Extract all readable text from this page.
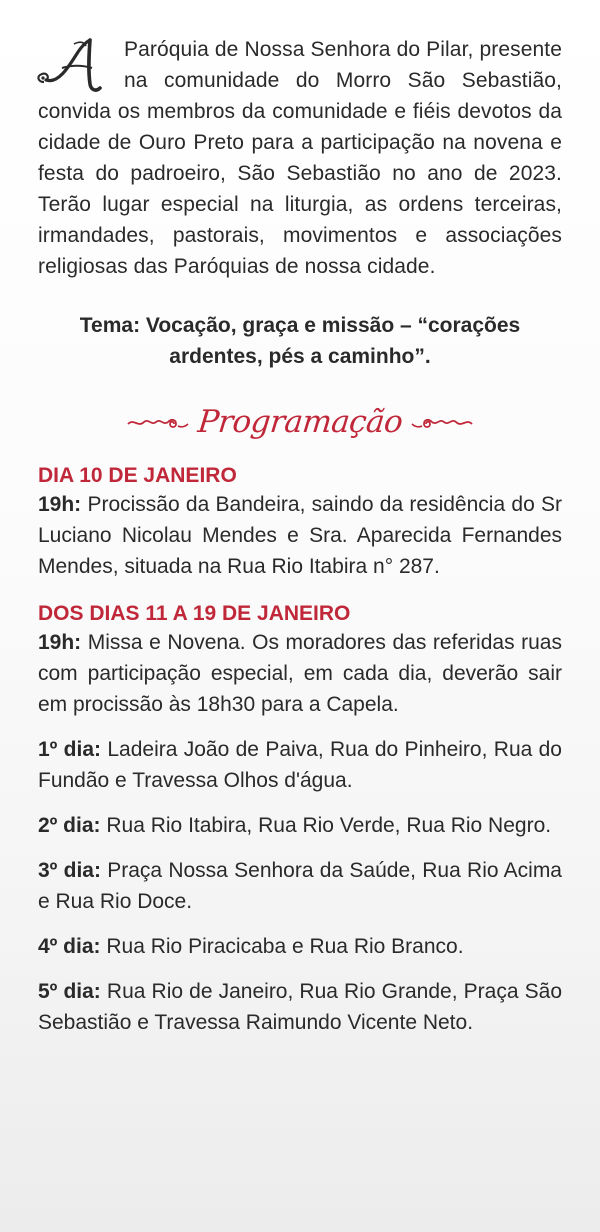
Paróquia de Nossa Senhora do Pilar, presente na comunidade do Morro São Sebastião, convida os membros da comunidade e fiéis devotos da cidade de Ouro Preto para a participação na novena e festa do padroeiro, São Sebastião no ano de 2023. Terão lugar especial na liturgia, as ordens terceiras, irmandades, pastorais, movimentos e associações religiosas das Paróquias de nossa cidade.
Tema: Vocação, graça e missão – “corações ardentes, pés a caminho”.
Programação
DIA 10 DE JANEIRO
19h: Procissão da Bandeira, saindo da residência do Sr Luciano Nicolau Mendes e Sra. Aparecida Fernandes Mendes, situada na Rua Rio Itabira n° 287.
DOS DIAS 11 A 19 DE JANEIRO
19h: Missa e Novena. Os moradores das referidas ruas com participação especial, em cada dia, deverão sair em procissão às 18h30 para a Capela.
1º dia: Ladeira João de Paiva, Rua do Pinheiro, Rua do Fundão e Travessa Olhos d'água.
2º dia: Rua Rio Itabira, Rua Rio Verde, Rua Rio Negro.
3º dia: Praça Nossa Senhora da Saúde, Rua Rio Acima e Rua Rio Doce.
4º dia: Rua Rio Piracicaba e Rua Rio Branco.
5º dia: Rua Rio de Janeiro, Rua Rio Grande, Praça São Sebastião e Travessa Raimundo Vicente Neto.
